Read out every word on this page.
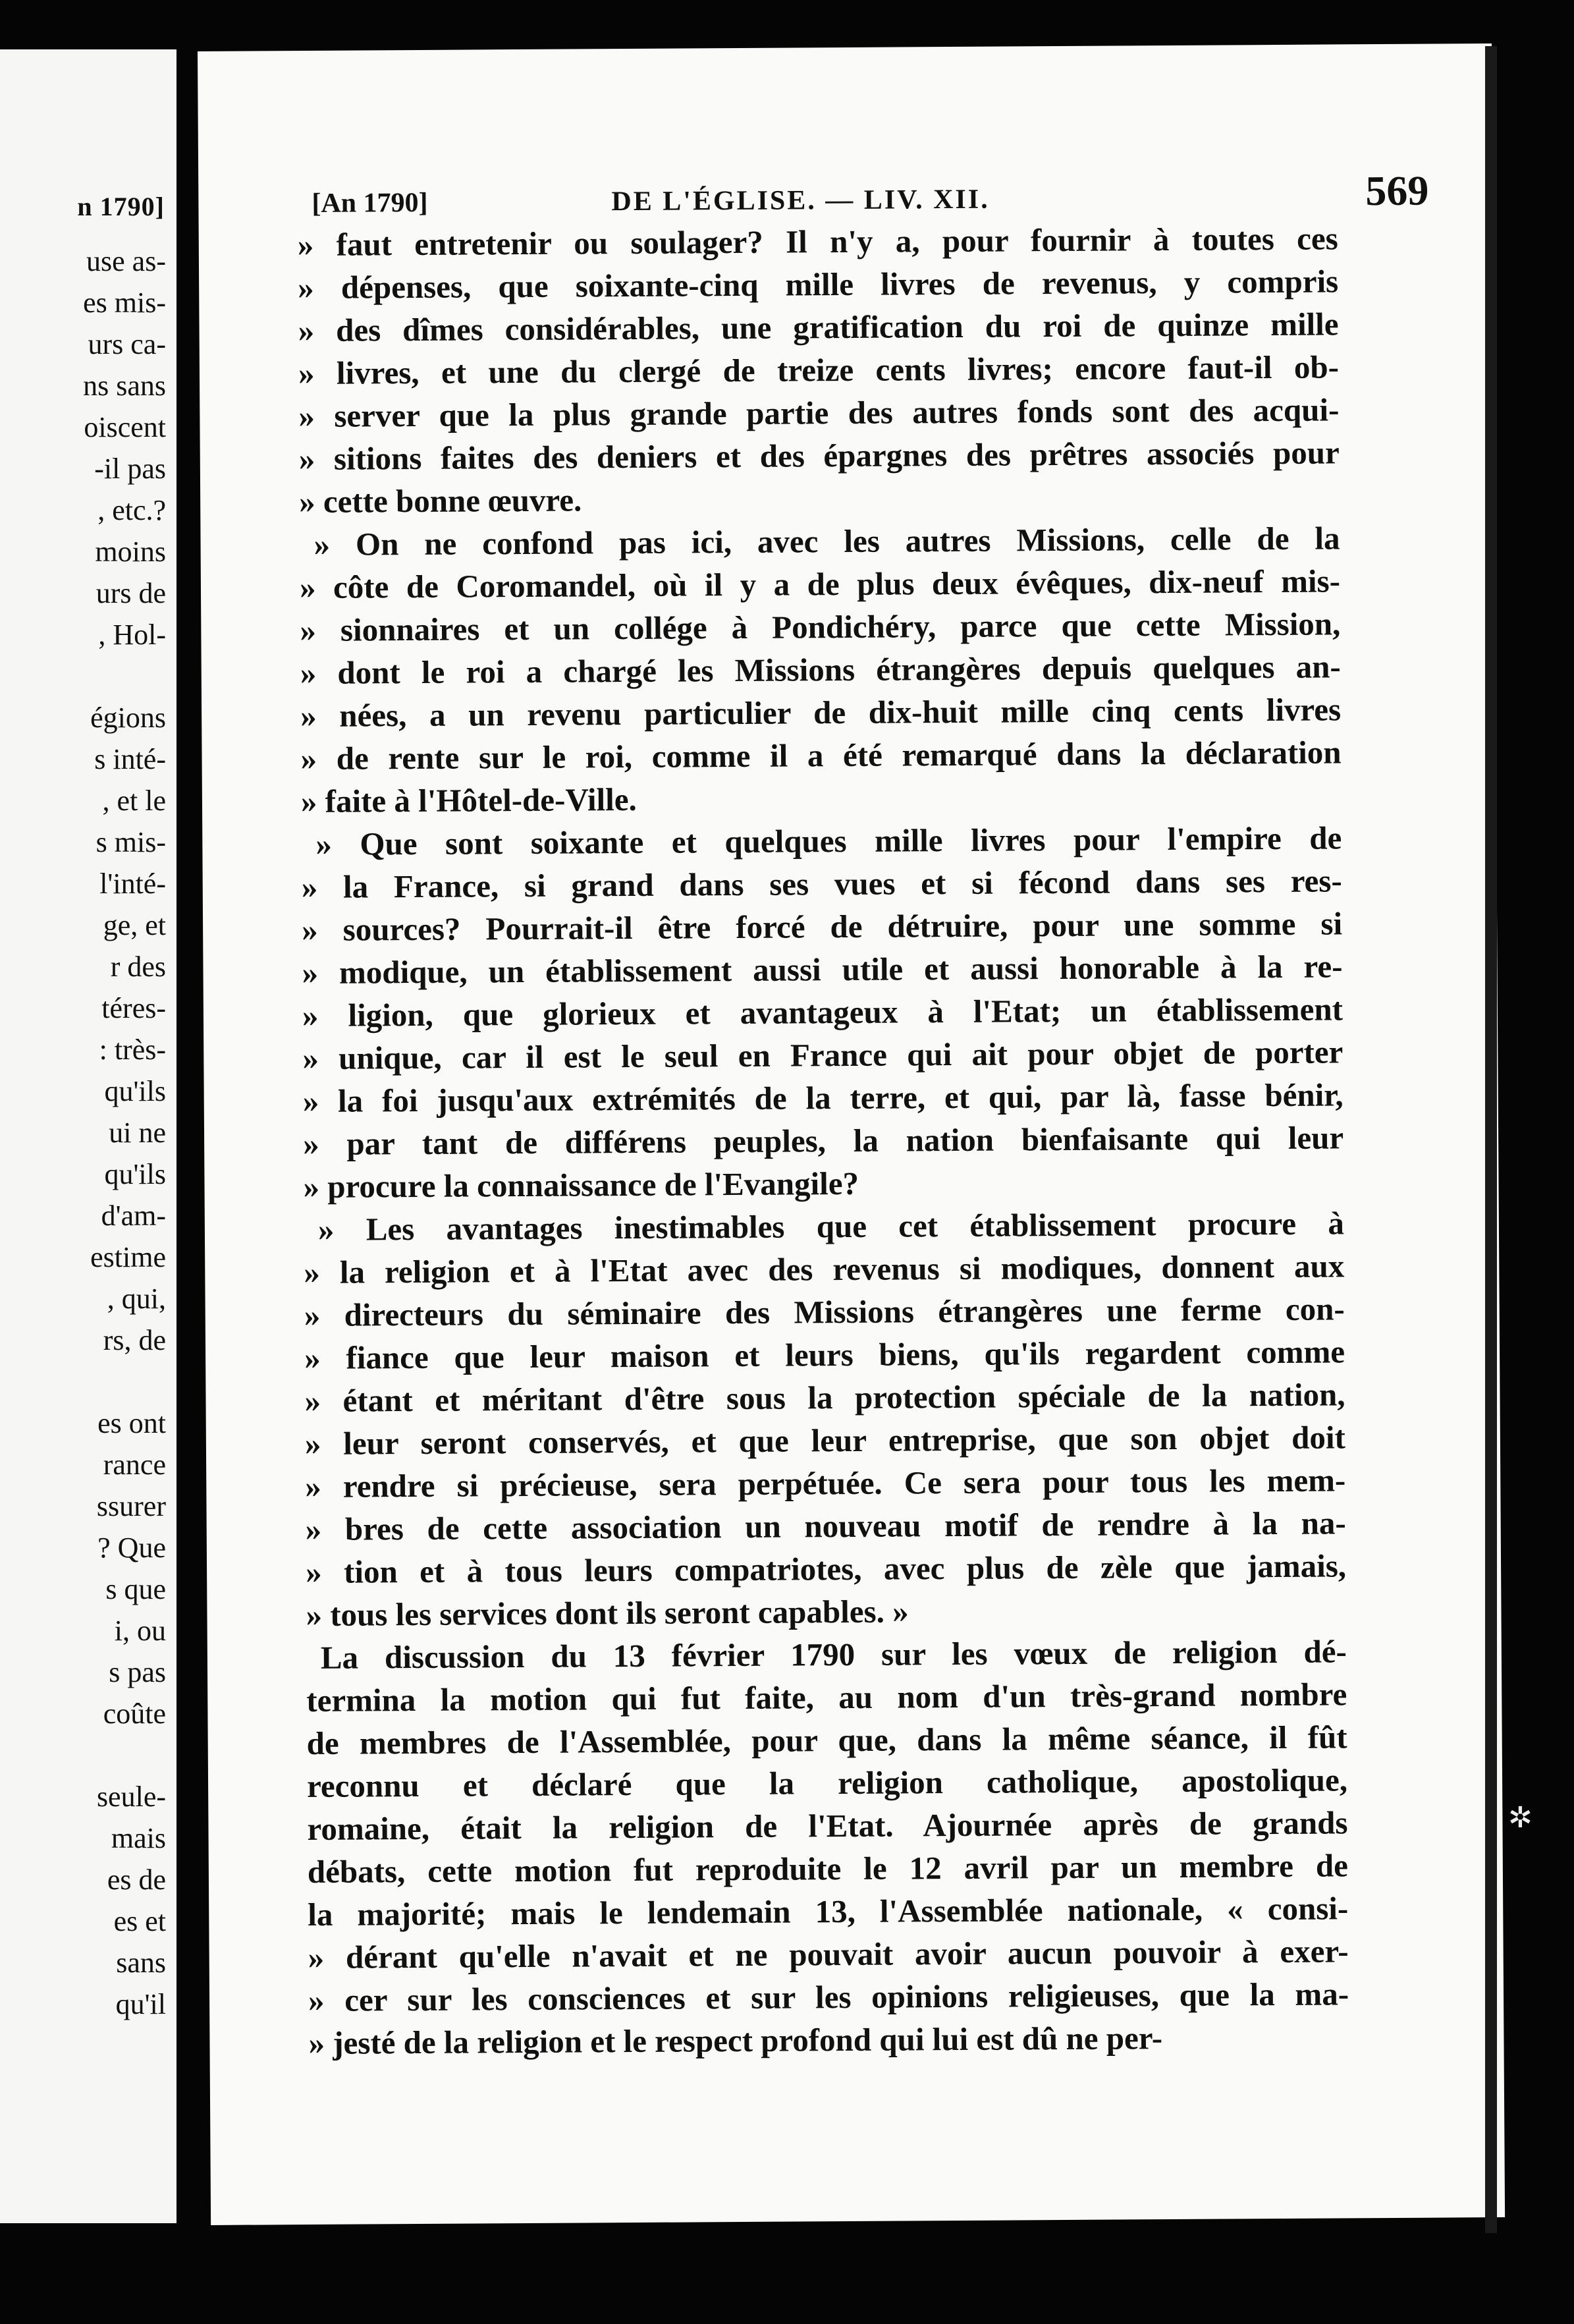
n 1790]
use as-
es mis-
urs ca-
ns sans
oiscent
-il pas
, etc.?
moins
urs de
, Hol-
égions
s inté-
, et le
s mis-
l'inté-
ge, et
r des
téres-
: très-
qu'ils
ui ne
qu'ils
d'am-
estime
, qui,
rs, de
es ont
rance
ssurer
? Que
s que
i, ou
s pas
coûte
seule-
mais
es de
es et
sans
qu'il
[An 1790]	DE L'ÉGLISE. — LIV. XII.	569
» faut entretenir ou soulager? Il n'y a, pour fournir à toutes ces
» dépenses, que soixante-cinq mille livres de revenus, y compris
» des dîmes considérables, une gratification du roi de quinze mille
» livres, et une du clergé de treize cents livres; encore faut-il ob-
» server que la plus grande partie des autres fonds sont des acqui-
» sitions faites des deniers et des épargnes des prêtres associés pour
» cette bonne œuvre.
» On ne confond pas ici, avec les autres Missions, celle de la
» côte de Coromandel, où il y a de plus deux évêques, dix-neuf mis-
» sionnaires et un collége à Pondichéry, parce que cette Mission,
» dont le roi a chargé les Missions étrangères depuis quelques an-
» nées, a un revenu particulier de dix-huit mille cinq cents livres
» de rente sur le roi, comme il a été remarqué dans la déclaration
» faite à l'Hôtel-de-Ville.
» Que sont soixante et quelques mille livres pour l'empire de
» la France, si grand dans ses vues et si fécond dans ses res-
» sources? Pourrait-il être forcé de détruire, pour une somme si
» modique, un établissement aussi utile et aussi honorable à la re-
» ligion, que glorieux et avantageux à l'Etat; un établissement
» unique, car il est le seul en France qui ait pour objet de porter
» la foi jusqu'aux extrémités de la terre, et qui, par là, fasse bénir,
» par tant de différens peuples, la nation bienfaisante qui leur
» procure la connaissance de l'Evangile?
» Les avantages inestimables que cet établissement procure à
» la religion et à l'Etat avec des revenus si modiques, donnent aux
» directeurs du séminaire des Missions étrangères une ferme con-
» fiance que leur maison et leurs biens, qu'ils regardent comme
» étant et méritant d'être sous la protection spéciale de la nation,
» leur seront conservés, et que leur entreprise, que son objet doit
» rendre si précieuse, sera perpétuée. Ce sera pour tous les mem-
» bres de cette association un nouveau motif de rendre à la na-
» tion et à tous leurs compatriotes, avec plus de zèle que jamais,
» tous les services dont ils seront capables. »
La discussion du 13 février 1790 sur les vœux de religion dé-
termina la motion qui fut faite, au nom d'un très-grand nombre
de membres de l'Assemblée, pour que, dans la même séance, il fût
reconnu et déclaré que la religion catholique, apostolique,
romaine, était la religion de l'Etat. Ajournée après de grands
débats, cette motion fut reproduite le 12 avril par un membre de
la majorité; mais le lendemain 13, l'Assemblée nationale, « consi-
» dérant qu'elle n'avait et ne pouvait avoir aucun pouvoir à exer-
» cer sur les consciences et sur les opinions religieuses, que la ma-
» jesté de la religion et le respect profond qui lui est dû ne per-
✲
